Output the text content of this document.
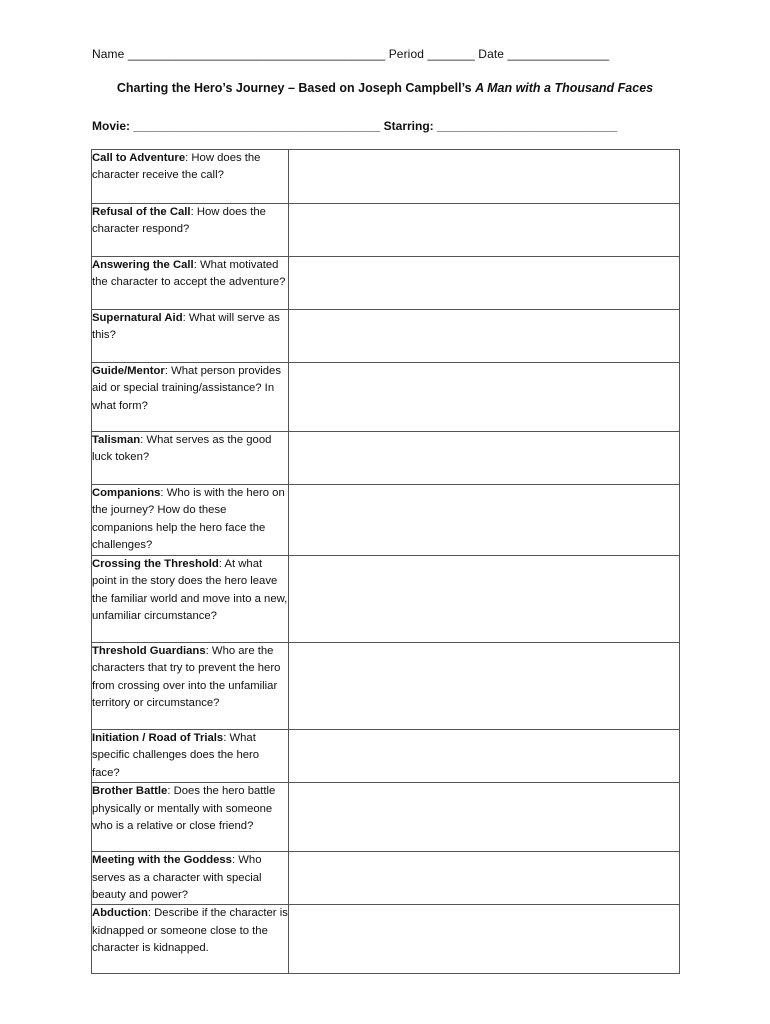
Name ______________________________________ Period _______ Date _______________
Charting the Hero’s Journey – Based on Joseph Campbell’s A Man with a Thousand Faces
Movie: _____________________________________ Starring: ___________________________
Call to Adventure: How does the character receive the call?	
Refusal of the Call: How does the character respond?	
Answering the Call: What motivated the character to accept the adventure?	
Supernatural Aid: What will serve as this?	
Guide/Mentor: What person provides aid or special training/assistance? In what form?	
Talisman: What serves as the good luck token?	
Companions: Who is with the hero on the journey? How do these companions help the hero face the challenges?	
Crossing the Threshold: At what point in the story does the hero leave the familiar world and move into a new, unfamiliar circumstance?	
Threshold Guardians: Who are the characters that try to prevent the hero from crossing over into the unfamiliar territory or circumstance?	
Initiation / Road of Trials: What specific challenges does the hero face?	
Brother Battle: Does the hero battle physically or mentally with someone who is a relative or close friend?	
Meeting with the Goddess: Who serves as a character with special beauty and power?	
Abduction: Describe if the character is kidnapped or someone close to the character is kidnapped.	
